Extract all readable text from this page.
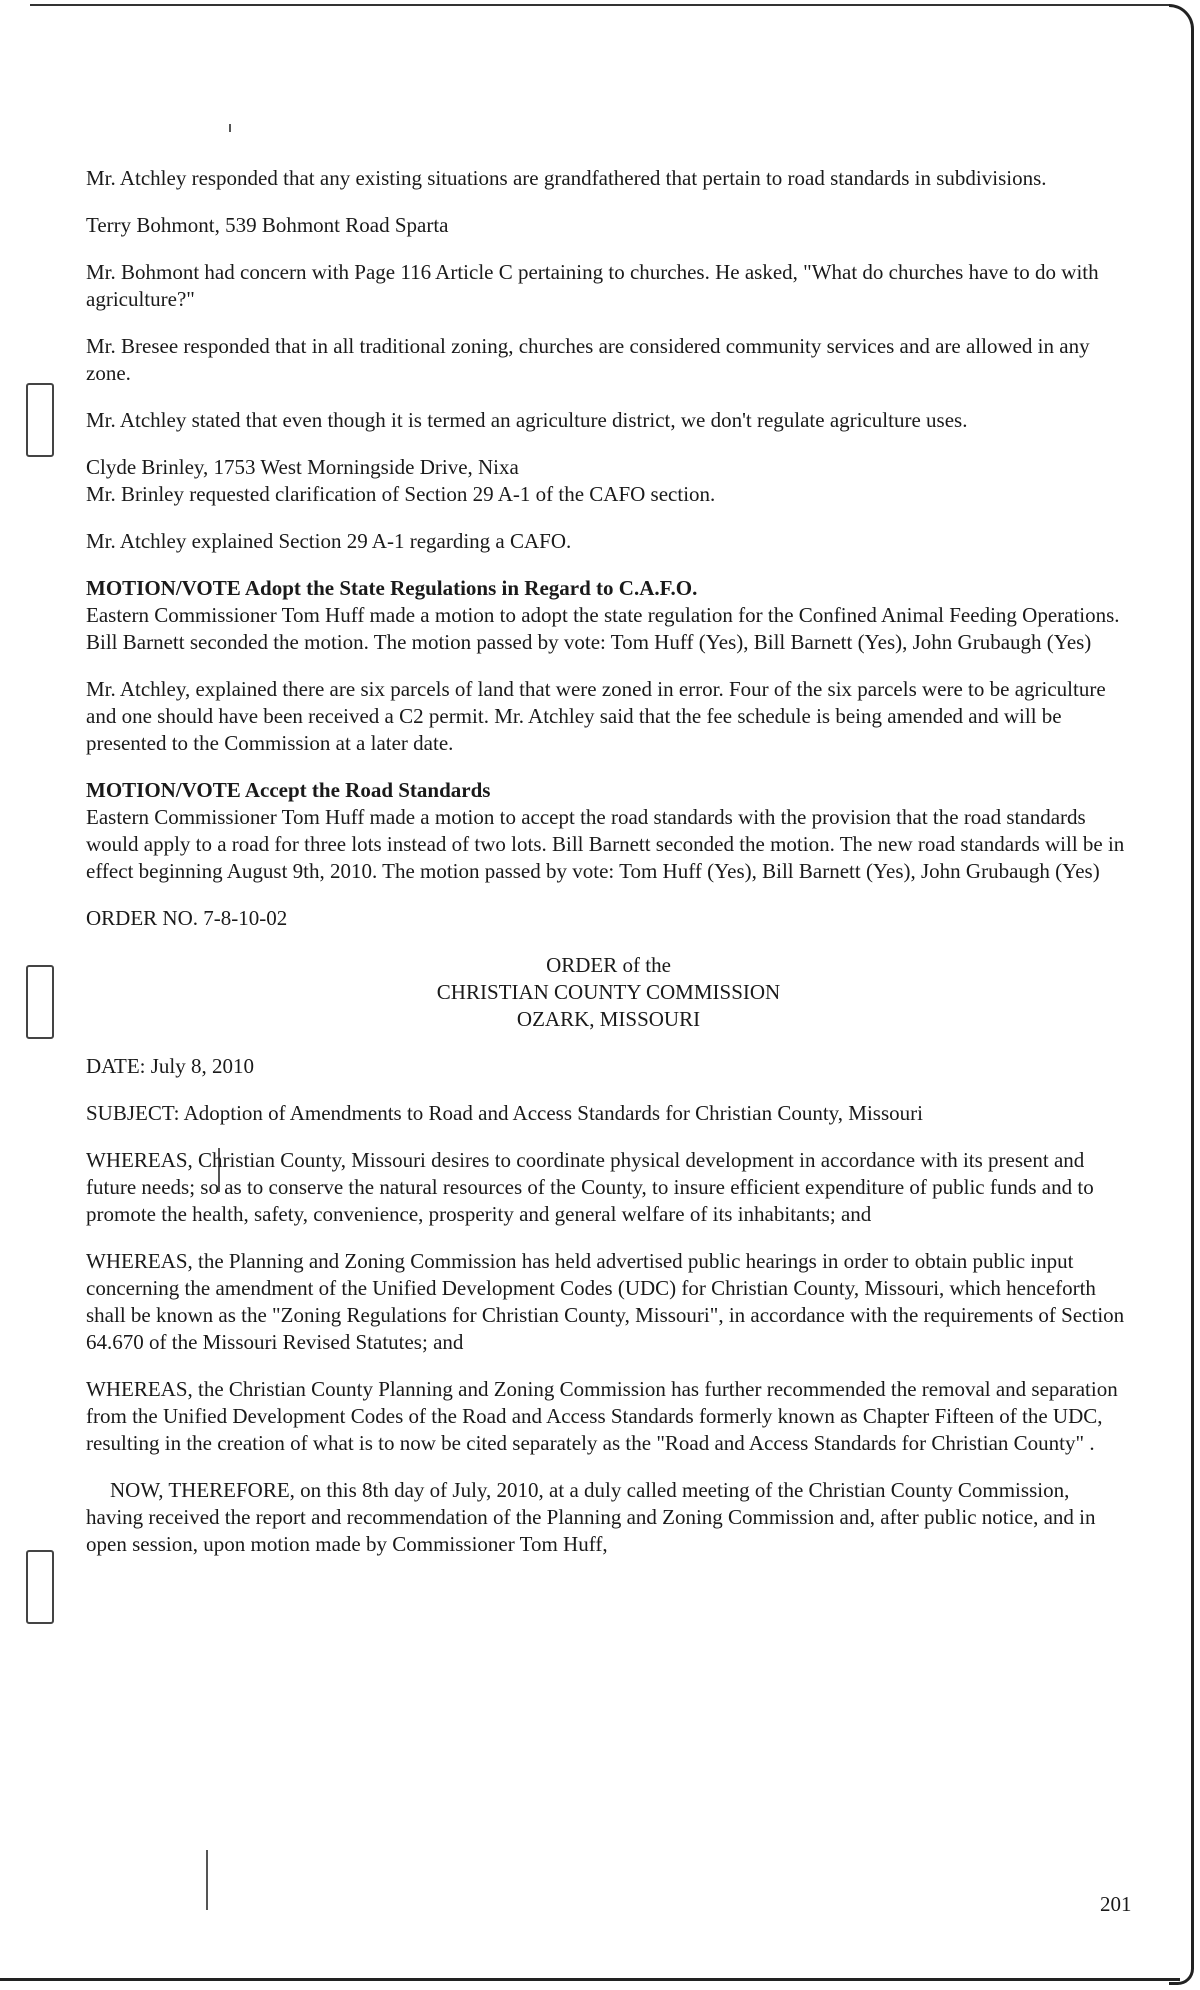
Mr. Atchley responded that any existing situations are grandfathered that pertain to road standards in subdivisions.

Terry Bohmont, 539 Bohmont Road Sparta

Mr. Bohmont had concern with Page 116 Article C pertaining to churches. He asked, "What do churches have to do with agriculture?"

Mr. Bresee responded that in all traditional zoning, churches are considered community services and are allowed in any zone.

Mr. Atchley stated that even though it is termed an agriculture district, we don't regulate agriculture uses.

Clyde Brinley, 1753 West Morningside Drive, Nixa
Mr. Brinley requested clarification of Section 29 A-1 of the CAFO section.

Mr. Atchley explained Section 29 A-1 regarding a CAFO.

MOTION/VOTE Adopt the State Regulations in Regard to C.A.F.O.
Eastern Commissioner Tom Huff made a motion to adopt the state regulation for the Confined Animal Feeding Operations. Bill Barnett seconded the motion. The motion passed by vote: Tom Huff (Yes), Bill Barnett (Yes), John Grubaugh (Yes)

Mr. Atchley, explained there are six parcels of land that were zoned in error. Four of the six parcels were to be agriculture and one should have been received a C2 permit. Mr. Atchley said that the fee schedule is being amended and will be presented to the Commission at a later date.

MOTION/VOTE Accept the Road Standards
Eastern Commissioner Tom Huff made a motion to accept the road standards with the provision that the road standards would apply to a road for three lots instead of two lots. Bill Barnett seconded the motion. The new road standards will be in effect beginning August 9th, 2010. The motion passed by vote: Tom Huff (Yes), Bill Barnett (Yes), John Grubaugh (Yes)

ORDER NO. 7-8-10-02

ORDER of the

CHRISTIAN COUNTY COMMISSION

OZARK, MISSOURI

DATE: July 8, 2010

SUBJECT: Adoption of Amendments to Road and Access Standards for Christian County, Missouri

WHEREAS, Christian County, Missouri desires to coordinate physical development in accordance with its present and future needs; so as to conserve the natural resources of the County, to insure efficient expenditure of public funds and to promote the health, safety, convenience, prosperity and general welfare of its inhabitants; and

WHEREAS, the Planning and Zoning Commission has held advertised public hearings in order to obtain public input concerning the amendment of the Unified Development Codes (UDC) for Christian County, Missouri, which henceforth shall be known as the "Zoning Regulations for Christian County, Missouri", in accordance with the requirements of Section 64.670 of the Missouri Revised Statutes; and

WHEREAS, the Christian County Planning and Zoning Commission has further recommended the removal and separation from the Unified Development Codes of the Road and Access Standards formerly known as Chapter Fifteen of the UDC, resulting in the creation of what is to now be cited separately as the "Road and Access Standards for Christian County" .

NOW, THEREFORE, on this 8th day of July, 2010, at a duly called meeting of the Christian County Commission, having received the report and recommendation of the Planning and Zoning Commission and, after public notice, and in open session, upon motion made by Commissioner Tom Huff,

201
